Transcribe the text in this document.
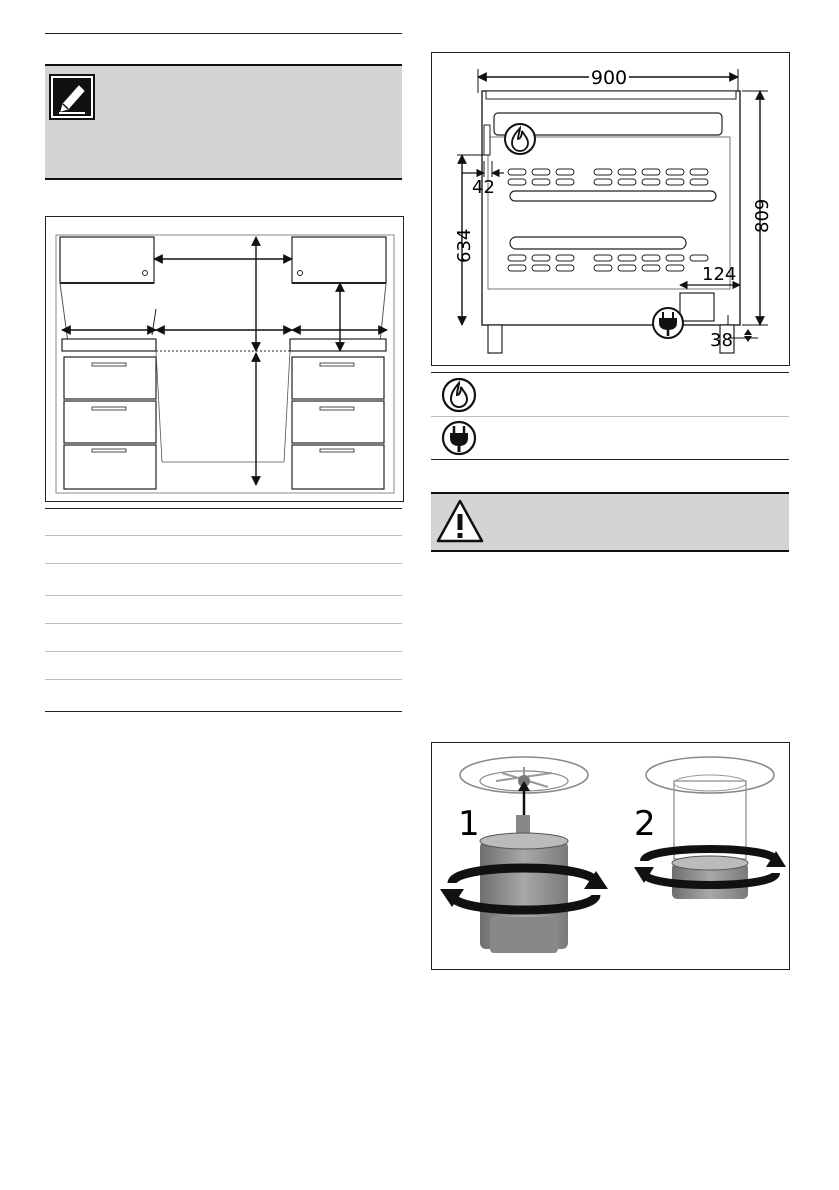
900
42
634
809
124
38
1	2
